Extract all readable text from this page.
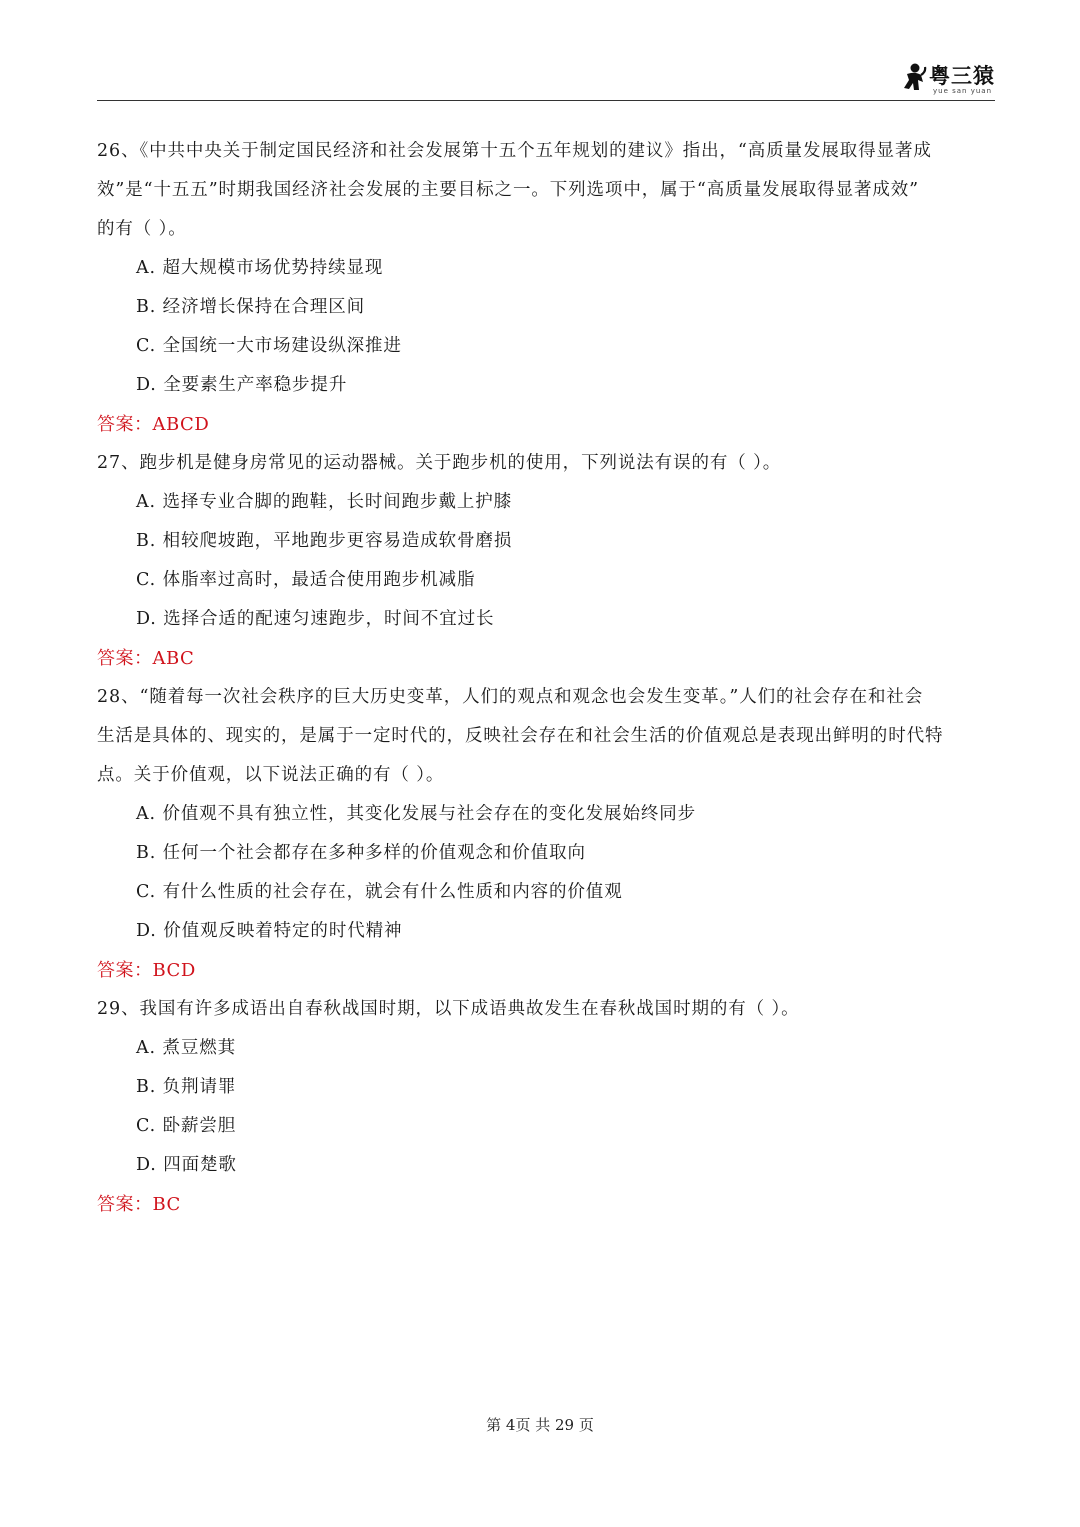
粤三猿
yue san yuan
26、《中共中央关于制定国民经济和社会发展第十五个五年规划的建议》指出，“高质量发展取得显著成
效”是“十五五”时期我国经济社会发展的主要目标之一。下列选项中，属于“高质量发展取得显著成效”
的有（ ）。
A. 超大规模市场优势持续显现
B. 经济增长保持在合理区间
C. 全国统一大市场建设纵深推进
D. 全要素生产率稳步提升
答案：ABCD
27、跑步机是健身房常见的运动器械。关于跑步机的使用，下列说法有误的有（ ）。
A. 选择专业合脚的跑鞋，长时间跑步戴上护膝
B. 相较爬坡跑，平地跑步更容易造成软骨磨损
C. 体脂率过高时，最适合使用跑步机减脂
D. 选择合适的配速匀速跑步，时间不宜过长
答案：ABC
28、“随着每一次社会秩序的巨大历史变革，人们的观点和观念也会发生变革。”人们的社会存在和社会
生活是具体的、现实的，是属于一定时代的，反映社会存在和社会生活的价值观总是表现出鲜明的时代特
点。关于价值观，以下说法正确的有（ ）。
A. 价值观不具有独立性，其变化发展与社会存在的变化发展始终同步
B. 任何一个社会都存在多种多样的价值观念和价值取向
C. 有什么性质的社会存在，就会有什么性质和内容的价值观
D. 价值观反映着特定的时代精神
答案：BCD
29、我国有许多成语出自春秋战国时期，以下成语典故发生在春秋战国时期的有（ ）。
A. 煮豆燃萁
B. 负荆请罪
C. 卧薪尝胆
D. 四面楚歌
答案：BC
第 4页 共 29 页
